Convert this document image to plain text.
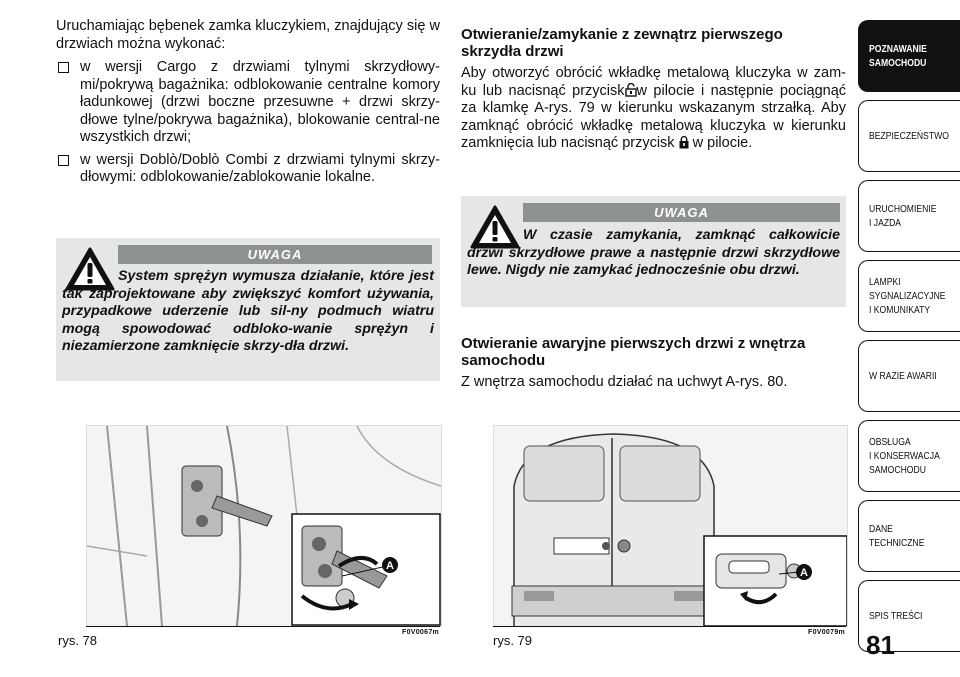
Uruchamiając bębenek zamka kluczykiem, znajdujący się w drzwiach można wykonać:

w wersji Cargo z drzwiami tylnymi skrzydłowy-mi/pokrywą bagażnika: odblokowanie centralne komory ładunkowej (drzwi boczne przesuwne + drzwi skrzy-dłowe tylne/pokrywa bagażnika), blokowanie central-ne wszystkich drzwi;
w wersji Doblò/Doblò Combi z drzwiami tylnymi skrzy-dłowymi: odblokowanie/zablokowanie lokalne.
UWAGA
System sprężyn wymusza działanie, które jest tak zaprojektowane aby zwiększyć komfort używania, przypadkowe uderzenie lub sil-ny podmuch wiatru mogą spowodować odbloko-wanie sprężyn i niezamierzone zamknięcie skrzy-dła drzwi.
Otwieranie/zamykanie z zewnątrz pierwszego skrzydła drzwi

Aby otworzyć obrócić wkładkę metalową kluczyka w zam-ku lub nacisnąć przycisk w pilocie i następnie pociągnąć za klamkę A-rys. 79 w kierunku wskazanym strzałką. Aby zamknąć obrócić wkładkę metalową kluczyka w kierunku zamknięcia lub nacisnąć przycisk w pilocie.

UWAGA
W czasie zamykania, zamknąć całkowicie drzwi skrzydłowe prawe a następnie drzwi skrzydłowe lewe. Nigdy nie zamykać jednocześnie obu drzwi.
Otwieranie awaryjne pierwszych drzwi z wnętrza samochodu

Z wnętrza samochodu działać na uchwyt A-rys. 80.

A
rys. 78
F0V0067m
A
rys. 79
F0V0079m
POZNAWANIE
SAMOCHODU
BEZPIECZEŃSTWO
URUCHOMIENIE
I JAZDA
LAMPKI
SYGNALIZACYJNE
I KOMUNIKATY
W RAZIE AWARII
OBSŁUGA
I KONSERWACJA
SAMOCHODU
DANE
TECHNICZNE
SPIS TREŚCI
81
